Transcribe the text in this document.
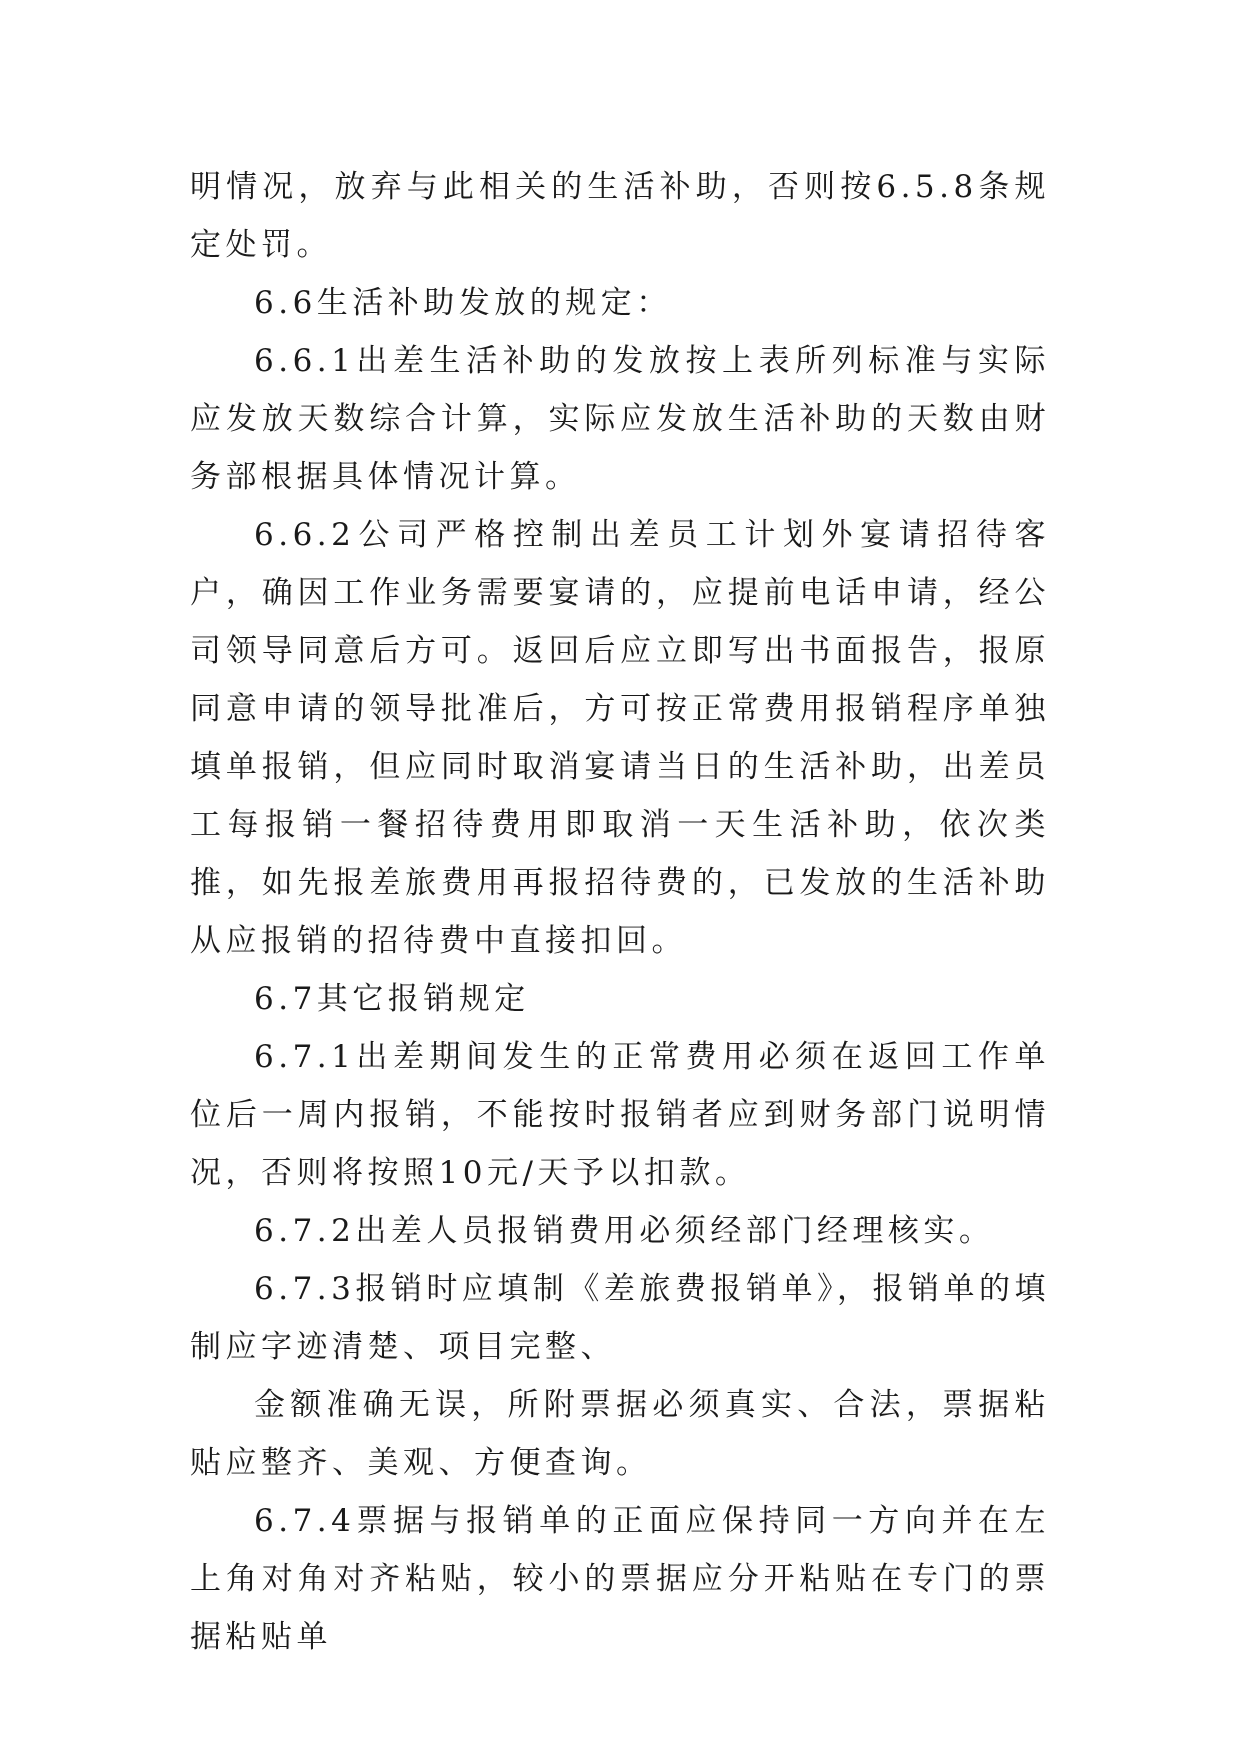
明情况，放弃与此相关的生活补助，否则按6.5.8条规定处罚。

6.6生活补助发放的规定：

6.6.1出差生活补助的发放按上表所列标准与实际应发放天数综合计算，实际应发放生活补助的天数由财务部根据具体情况计算。

6.6.2公司严格控制出差员工计划外宴请招待客户，确因工作业务需要宴请的，应提前电话申请，经公司领导同意后方可。返回后应立即写出书面报告，报原同意申请的领导批准后，方可按正常费用报销程序单独填单报销，但应同时取消宴请当日的生活补助，出差员工每报销一餐招待费用即取消一天生活补助，依次类推，如先报差旅费用再报招待费的，已发放的生活补助从应报销的招待费中直接扣回。

6.7其它报销规定

6.7.1出差期间发生的正常费用必须在返回工作单位后一周内报销，不能按时报销者应到财务部门说明情况，否则将按照10元/天予以扣款。

6.7.2出差人员报销费用必须经部门经理核实。

6.7.3报销时应填制《差旅费报销单》，报销单的填制应字迹清楚、项目完整、

金额准确无误，所附票据必须真实、合法，票据粘贴应整齐、美观、方便查询。

6.7.4票据与报销单的正面应保持同一方向并在左上角对角对齐粘贴，较小的票据应分开粘贴在专门的票据粘贴单
